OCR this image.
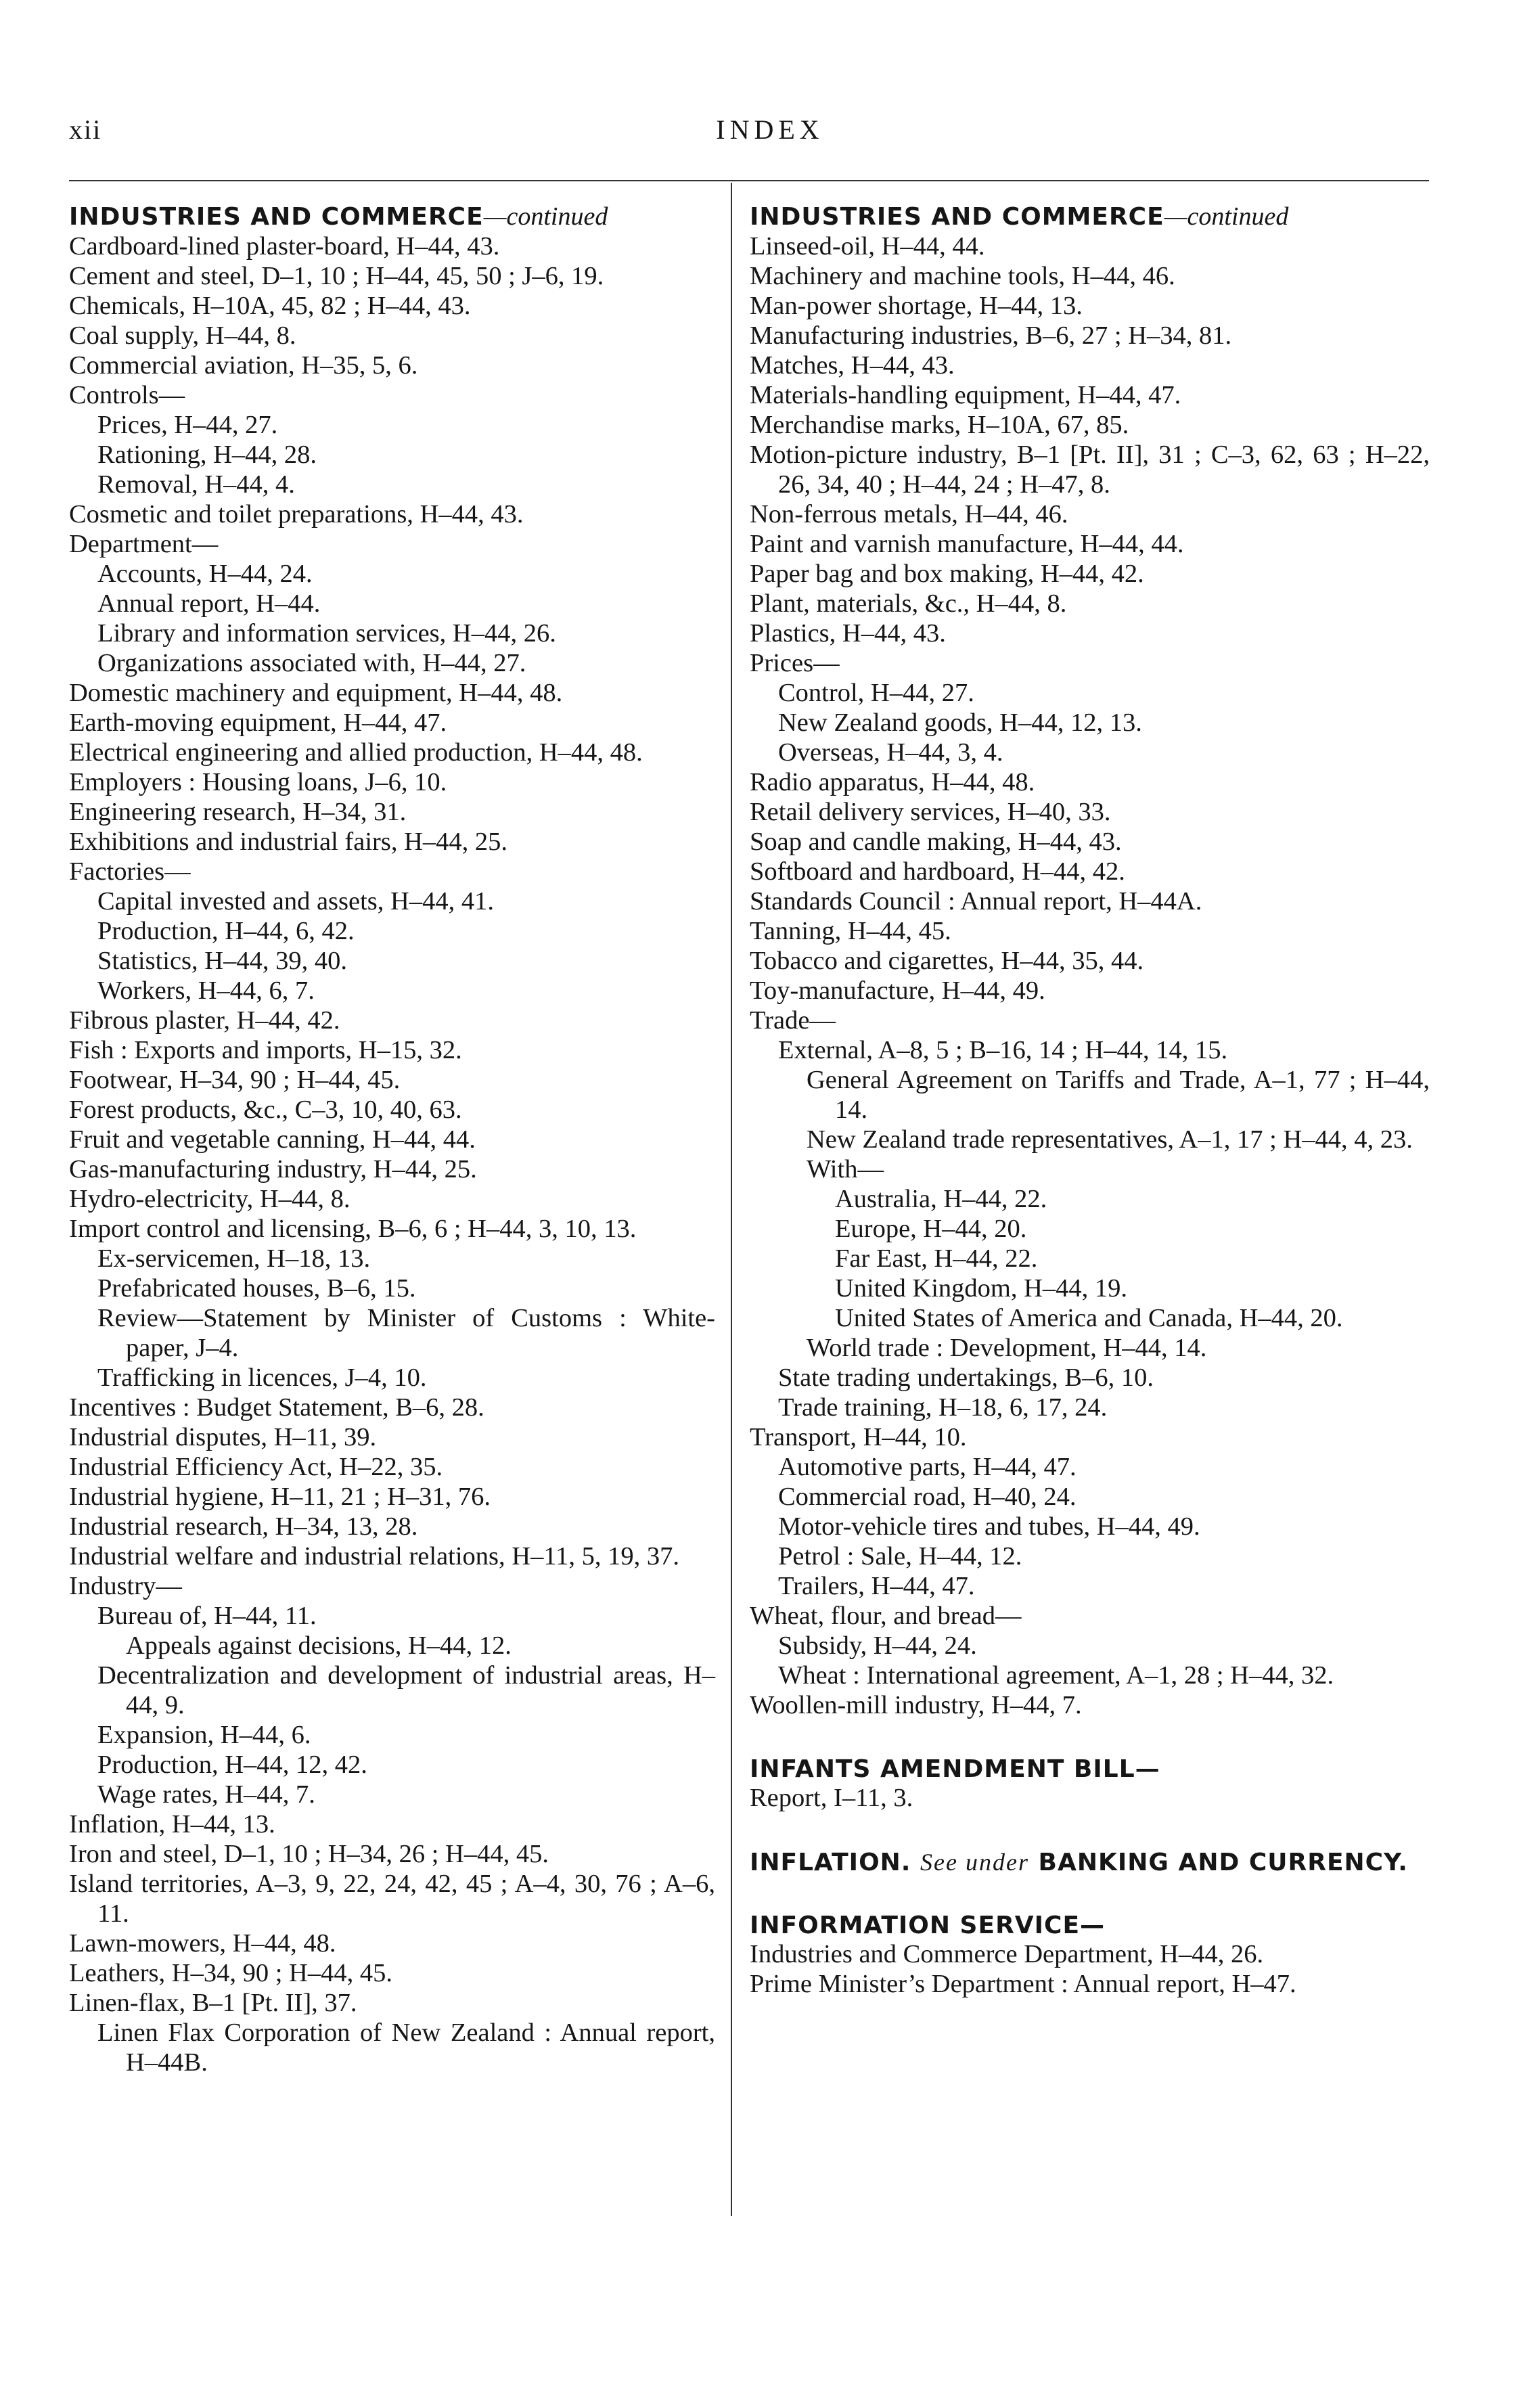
xii	INDEX
INDUSTRIES AND COMMERCE—continued
Cardboard-lined plaster-board, H–44, 43.
Cement and steel, D–1, 10 ; H–44, 45, 50 ; J–6, 19.
Chemicals, H–10A, 45, 82 ; H–44, 43.
Coal supply, H–44, 8.
Commercial aviation, H–35, 5, 6.
Controls—
Prices, H–44, 27.
Rationing, H–44, 28.
Removal, H–44, 4.
Cosmetic and toilet preparations, H–44, 43.
Department—
Accounts, H–44, 24.
Annual report, H–44.
Library and information services, H–44, 26.
Organizations associated with, H–44, 27.
Domestic machinery and equipment, H–44, 48.
Earth-moving equipment, H–44, 47.
Electrical engineering and allied production, H–44, 48.
Employers : Housing loans, J–6, 10.
Engineering research, H–34, 31.
Exhibitions and industrial fairs, H–44, 25.
Factories—
Capital invested and assets, H–44, 41.
Production, H–44, 6, 42.
Statistics, H–44, 39, 40.
Workers, H–44, 6, 7.
Fibrous plaster, H–44, 42.
Fish : Exports and imports, H–15, 32.
Footwear, H–34, 90 ; H–44, 45.
Forest products, &c., C–3, 10, 40, 63.
Fruit and vegetable canning, H–44, 44.
Gas-manufacturing industry, H–44, 25.
Hydro-electricity, H–44, 8.
Import control and licensing, B–6, 6 ; H–44, 3, 10, 13.
Ex-servicemen, H–18, 13.
Prefabricated houses, B–6, 15.
Review—Statement by Minister of Customs : White-paper, J–4.
Trafficking in licences, J–4, 10.
Incentives : Budget Statement, B–6, 28.
Industrial disputes, H–11, 39.
Industrial Efficiency Act, H–22, 35.
Industrial hygiene, H–11, 21 ; H–31, 76.
Industrial research, H–34, 13, 28.
Industrial welfare and industrial relations, H–11, 5, 19, 37.
Industry—
Bureau of, H–44, 11.
Appeals against decisions, H–44, 12.
Decentralization and development of industrial areas, H–44, 9.
Expansion, H–44, 6.
Production, H–44, 12, 42.
Wage rates, H–44, 7.
Inflation, H–44, 13.
Iron and steel, D–1, 10 ; H–34, 26 ; H–44, 45.
Island territories, A–3, 9, 22, 24, 42, 45 ; A–4, 30, 76 ; A–6, 11.
Lawn-mowers, H–44, 48.
Leathers, H–34, 90 ; H–44, 45.
Linen-flax, B–1 [Pt. II], 37.
Linen Flax Corporation of New Zealand : Annual report, H–44B.
INDUSTRIES AND COMMERCE—continued
Linseed-oil, H–44, 44.
Machinery and machine tools, H–44, 46.
Man-power shortage, H–44, 13.
Manufacturing industries, B–6, 27 ; H–34, 81.
Matches, H–44, 43.
Materials-handling equipment, H–44, 47.
Merchandise marks, H–10A, 67, 85.
Motion-picture industry, B–1 [Pt. II], 31 ; C–3, 62, 63 ; H–22, 26, 34, 40 ; H–44, 24 ; H–47, 8.
Non-ferrous metals, H–44, 46.
Paint and varnish manufacture, H–44, 44.
Paper bag and box making, H–44, 42.
Plant, materials, &c., H–44, 8.
Plastics, H–44, 43.
Prices—
Control, H–44, 27.
New Zealand goods, H–44, 12, 13.
Overseas, H–44, 3, 4.
Radio apparatus, H–44, 48.
Retail delivery services, H–40, 33.
Soap and candle making, H–44, 43.
Softboard and hardboard, H–44, 42.
Standards Council : Annual report, H–44A.
Tanning, H–44, 45.
Tobacco and cigarettes, H–44, 35, 44.
Toy-manufacture, H–44, 49.
Trade—
External, A–8, 5 ; B–16, 14 ; H–44, 14, 15.
General Agreement on Tariffs and Trade, A–1, 77 ; H–44, 14.
New Zealand trade representatives, A–1, 17 ; H–44, 4, 23.
With—
Australia, H–44, 22.
Europe, H–44, 20.
Far East, H–44, 22.
United Kingdom, H–44, 19.
United States of America and Canada, H–44, 20.
World trade : Development, H–44, 14.
State trading undertakings, B–6, 10.
Trade training, H–18, 6, 17, 24.
Transport, H–44, 10.
Automotive parts, H–44, 47.
Commercial road, H–40, 24.
Motor-vehicle tires and tubes, H–44, 49.
Petrol : Sale, H–44, 12.
Trailers, H–44, 47.
Wheat, flour, and bread—
Subsidy, H–44, 24.
Wheat : International agreement, A–1, 28 ; H–44, 32.
Woollen-mill industry, H–44, 7.
INFANTS AMENDMENT BILL—
Report, I–11, 3.
INFLATION. See under BANKING AND CURRENCY.
INFORMATION SERVICE—
Industries and Commerce Department, H–44, 26.
Prime Minister’s Department : Annual report, H–47.
